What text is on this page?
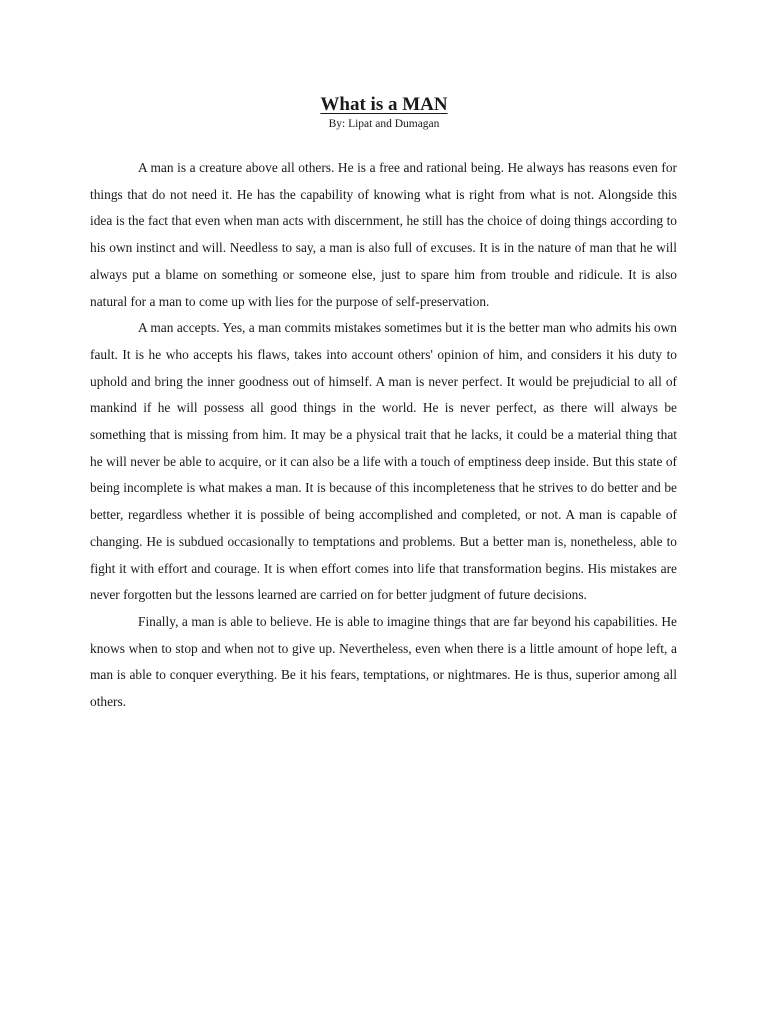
What is a MAN
By: Lipat and Dumagan

A man is a creature above all others. He is a free and rational being. He always has reasons even for things that do not need it. He has the capability of knowing what is right from what is not. Alongside this idea is the fact that even when man acts with discernment, he still has the choice of doing things according to his own instinct and will. Needless to say, a man is also full of excuses. It is in the nature of man that he will always put a blame on something or someone else, just to spare him from trouble and ridicule. It is also natural for a man to come up with lies for the purpose of self-preservation.

A man accepts. Yes, a man commits mistakes sometimes but it is the better man who admits his own fault. It is he who accepts his flaws, takes into account others' opinion of him, and considers it his duty to uphold and bring the inner goodness out of himself. A man is never perfect. It would be prejudicial to all of mankind if he will possess all good things in the world. He is never perfect, as there will always be something that is missing from him. It may be a physical trait that he lacks, it could be a material thing that he will never be able to acquire, or it can also be a life with a touch of emptiness deep inside. But this state of being incomplete is what makes a man. It is because of this incompleteness that he strives to do better and be better, regardless whether it is possible of being accomplished and completed, or not. A man is capable of changing. He is subdued occasionally to temptations and problems. But a better man is, nonetheless, able to fight it with effort and courage. It is when effort comes into life that transformation begins. His mistakes are never forgotten but the lessons learned are carried on for better judgment of future decisions.

Finally, a man is able to believe. He is able to imagine things that are far beyond his capabilities. He knows when to stop and when not to give up. Nevertheless, even when there is a little amount of hope left, a man is able to conquer everything. Be it his fears, temptations, or nightmares. He is thus, superior among all others.
